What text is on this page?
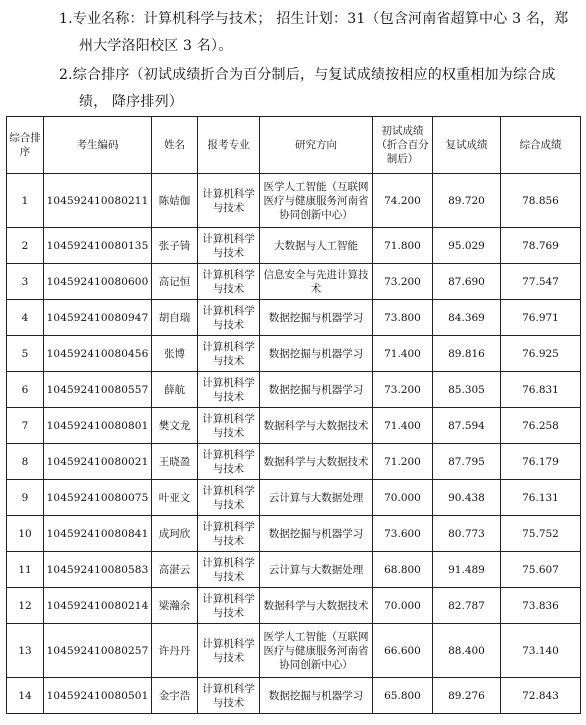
1.专业名称：计算机科学与技术； 招生计划：31（包含河南省超算中心 3 名，郑
州大学洛阳校区 3 名）。
2.综合排序（初试成绩折合为百分制后，与复试成绩按相应的权重相加为综合成
绩， 降序排列）
综合排序	考生编码	姓名	报考专业	研究方向	初试成绩（折合百分制后）	复试成绩	综合成绩
1	104592410080211	陈姞伽	计算机科学与技术	医学人工智能（互联网医疗与健康服务河南省协同创新中心）	74.200	89.720	78.856
2	104592410080135	张子锜	计算机科学与技术	大数据与人工智能	71.800	95.029	78.769
3	104592410080600	高记恒	计算机科学与技术	信息安全与先进计算技术	73.200	87.690	77.547
4	104592410080947	胡自瑞	计算机科学与技术	数据挖掘与机器学习	73.800	84.369	76.971
5	104592410080456	张博	计算机科学与技术	数据挖掘与机器学习	71.400	89.816	76.925
6	104592410080557	薛航	计算机科学与技术	数据挖掘与机器学习	73.200	85.305	76.831
7	104592410080801	樊文龙	计算机科学与技术	数据科学与大数据技术	71.400	87.594	76.258
8	104592410080021	王晓盈	计算机科学与技术	数据科学与大数据技术	71.200	87.795	76.179
9	104592410080075	叶亚文	计算机科学与技术	云计算与大数据处理	70.000	90.438	76.131
10	104592410080841	成珂欣	计算机科学与技术	数据挖掘与机器学习	73.600	80.773	75.752
11	104592410080583	高湛云	计算机科学与技术	云计算与大数据处理	68.800	91.489	75.607
12	104592410080214	梁瀚余	计算机科学与技术	数据科学与大数据技术	70.000	82.787	73.836
13	104592410080257	许丹丹	计算机科学与技术	医学人工智能（互联网医疗与健康服务河南省协同创新中心）	66.600	88.400	73.140
14	104592410080501	金宇浩	计算机科学与技术	数据挖掘与机器学习	65.800	89.276	72.843
